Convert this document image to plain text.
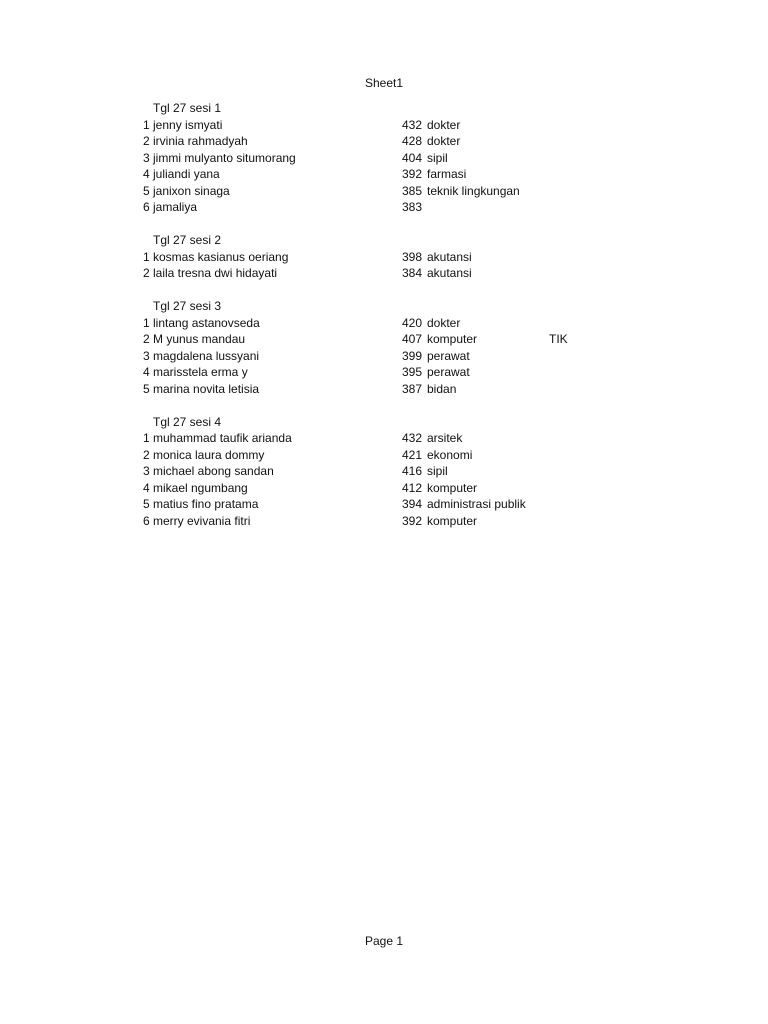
Sheet1
Tgl 27 sesi 1
1 jenny ismyati	432 dokter
2 irvinia rahmadyah	428 dokter
3 jimmi mulyanto situmorang	404 sipil
4 juliandi yana	392 farmasi
5 janixon sinaga	385 teknik lingkungan
6 jamaliya	383
Tgl 27 sesi 2
1 kosmas kasianus oeriang	398 akutansi
2 laila tresna dwi hidayati	384 akutansi
Tgl 27 sesi 3
1 lintang astanovseda	420 dokter
2 M yunus mandau	407 komputer	TIK
3 magdalena lussyani	399 perawat
4 marisstela erma y	395 perawat
5 marina novita letisia	387 bidan
Tgl 27 sesi 4
1 muhammad taufik arianda	432 arsitek
2 monica laura dommy	421 ekonomi
3 michael abong sandan	416 sipil
4 mikael ngumbang	412 komputer
5 matius fino pratama	394 administrasi publik
6 merry evivania fitri	392 komputer
Page 1
